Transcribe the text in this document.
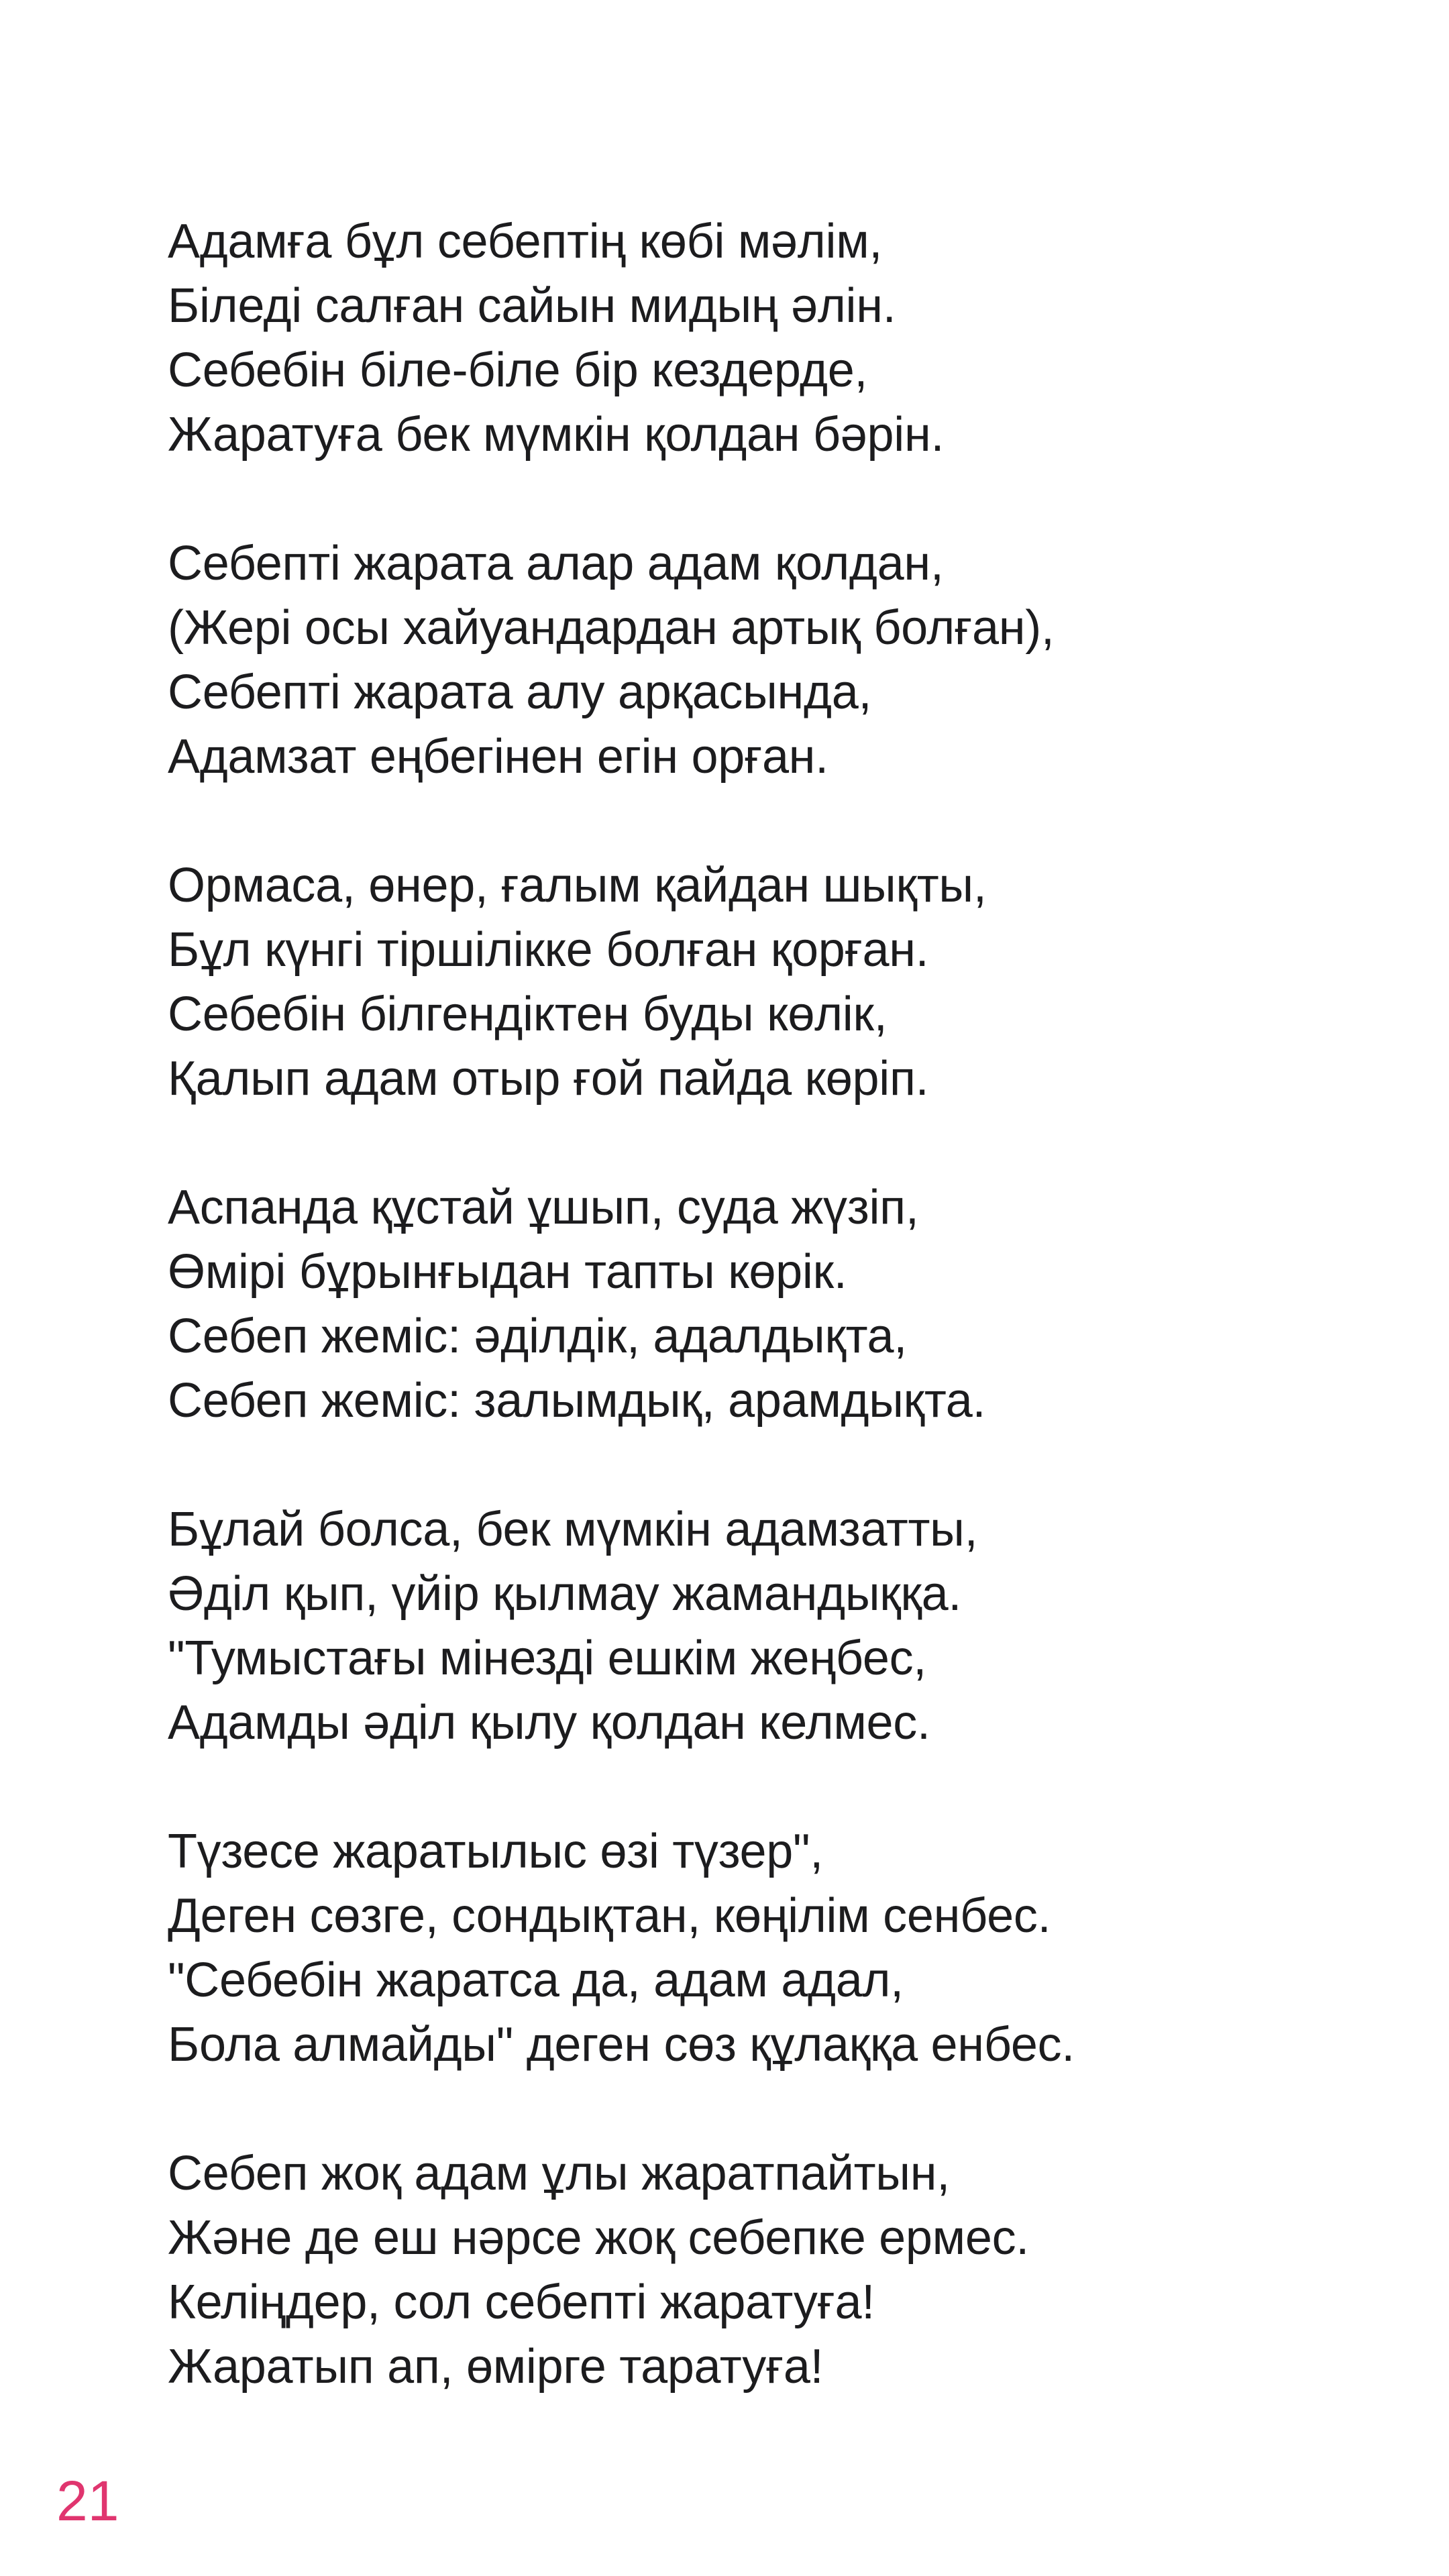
Адамға бұл себептің көбі мәлім,
Біледі салған сайын мидың әлін.
Себебін біле-біле бір кездерде,
Жаратуға бек мүмкін қолдан бәрін.
Себепті жарата алар адам қолдан,
(Жері осы хайуандардан артық болған),
Себепті жарата алу арқасында,
Адамзат еңбегінен егін орған.
Ормаса, өнер, ғалым қайдан шықты,
Бұл күнгі тіршілікке болған қорған.
Себебін білгендіктен буды көлік,
Қалып адам отыр ғой пайда көріп.
Аспанда құстай ұшып, суда жүзіп,
Өмірі бұрынғыдан тапты көрік.
Себеп жеміс: әділдік, адалдықта,
Себеп жеміс: залымдық, арамдықта.
Бұлай болса, бек мүмкін адамзатты,
Әділ қып, үйір қылмау жамандыққа.
"Тумыстағы мінезді ешкім жеңбес,
Адамды әділ қылу қолдан келмес.
Түзесе жаратылыс өзі түзер",
Деген сөзге, сондықтан, көңілім сенбес.
"Себебін жаратса да, адам адал,
Бола алмайды" деген сөз құлаққа енбес.
Себеп жоқ адам ұлы жаратпайтын,
Және де еш нәрсе жоқ себепке ермес.
Келіңдер, сол себепті жаратуға!
Жаратып ап, өмірге таратуға!
21
